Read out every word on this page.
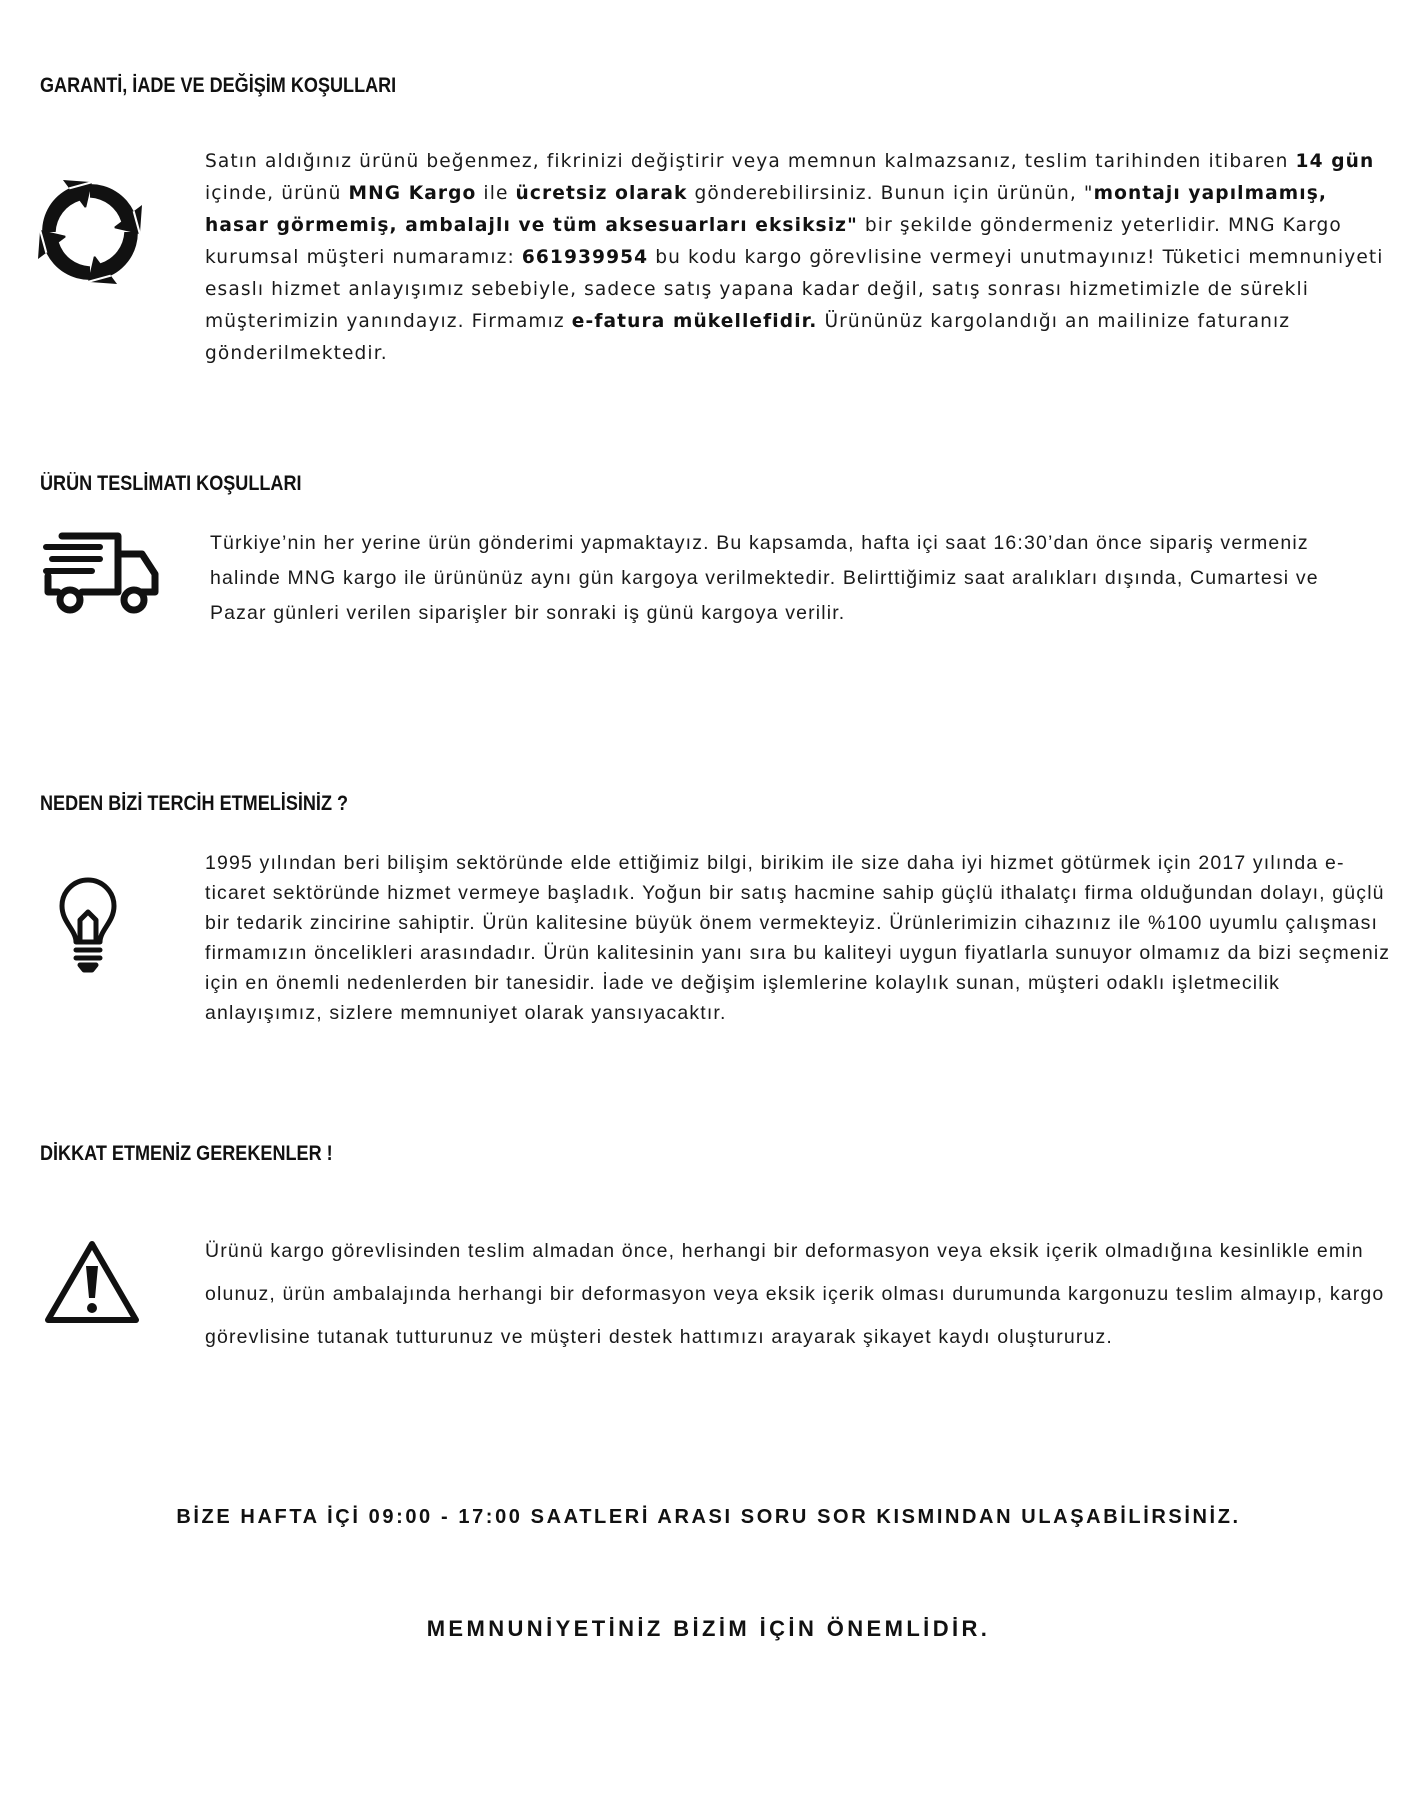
GARANTİ, İADE VE DEĞİŞİM KOŞULLARI

Satın aldığınız ürünü beğenmez, fikrinizi değiştirir veya memnun kalmazsanız, teslim tarihinden itibaren 14 gün içinde, ürünü MNG Kargo ile ücretsiz olarak gönderebilirsiniz. Bunun için ürünün, "montajı yapılmamış, hasar görmemiş, ambalajlı ve tüm aksesuarları eksiksiz" bir şekilde göndermeniz yeterlidir. MNG Kargo kurumsal müşteri numaramız: 661939954 bu kodu kargo görevlisine vermeyi unutmayınız! Tüketici memnuniyeti esaslı hizmet anlayışımız sebebiyle, sadece satış yapana kadar değil, satış sonrası hizmetimizle de sürekli müşterimizin yanındayız. Firmamız e-fatura mükellefidir. Ürününüz kargolandığı an mailinize faturanız gönderilmektedir.

ÜRÜN TESLİMATI KOŞULLARI

Türkiye’nin her yerine ürün gönderimi yapmaktayız. Bu kapsamda, hafta içi saat 16:30’dan önce sipariş vermeniz halinde MNG kargo ile ürününüz aynı gün kargoya verilmektedir. Belirttiğimiz saat aralıkları dışında, Cumartesi ve Pazar günleri verilen siparişler bir sonraki iş günü kargoya verilir.

NEDEN BİZİ TERCİH ETMELİSİNİZ ?

1995 yılından beri bilişim sektöründe elde ettiğimiz bilgi, birikim ile size daha iyi hizmet götürmek için 2017 yılında e-ticaret sektöründe hizmet vermeye başladık. Yoğun bir satış hacmine sahip güçlü ithalatçı firma olduğundan dolayı, güçlü bir tedarik zincirine sahiptir. Ürün kalitesine büyük önem vermekteyiz. Ürünlerimizin cihazınız ile %100 uyumlu çalışması firmamızın öncelikleri arasındadır. Ürün kalitesinin yanı sıra bu kaliteyi uygun fiyatlarla sunuyor olmamız da bizi seçmeniz için en önemli nedenlerden bir tanesidir. İade ve değişim işlemlerine kolaylık sunan, müşteri odaklı işletmecilik anlayışımız, sizlere memnuniyet olarak yansıyacaktır.

DİKKAT ETMENİZ GEREKENLER !

Ürünü kargo görevlisinden teslim almadan önce, herhangi bir deformasyon veya eksik içerik olmadığına kesinlikle emin olunuz, ürün ambalajında herhangi bir deformasyon veya eksik içerik olması durumunda kargonuzu teslim almayıp, kargo görevlisine tutanak tutturunuz ve müşteri destek hattımızı arayarak şikayet kaydı oluştururuz.

BİZE HAFTA İÇİ 09:00 - 17:00 SAATLERİ ARASI SORU SOR KISMINDAN ULAŞABİLİRSİNİZ.

MEMNUNİYETİNİZ BİZİM İÇİN ÖNEMLİDİR.
